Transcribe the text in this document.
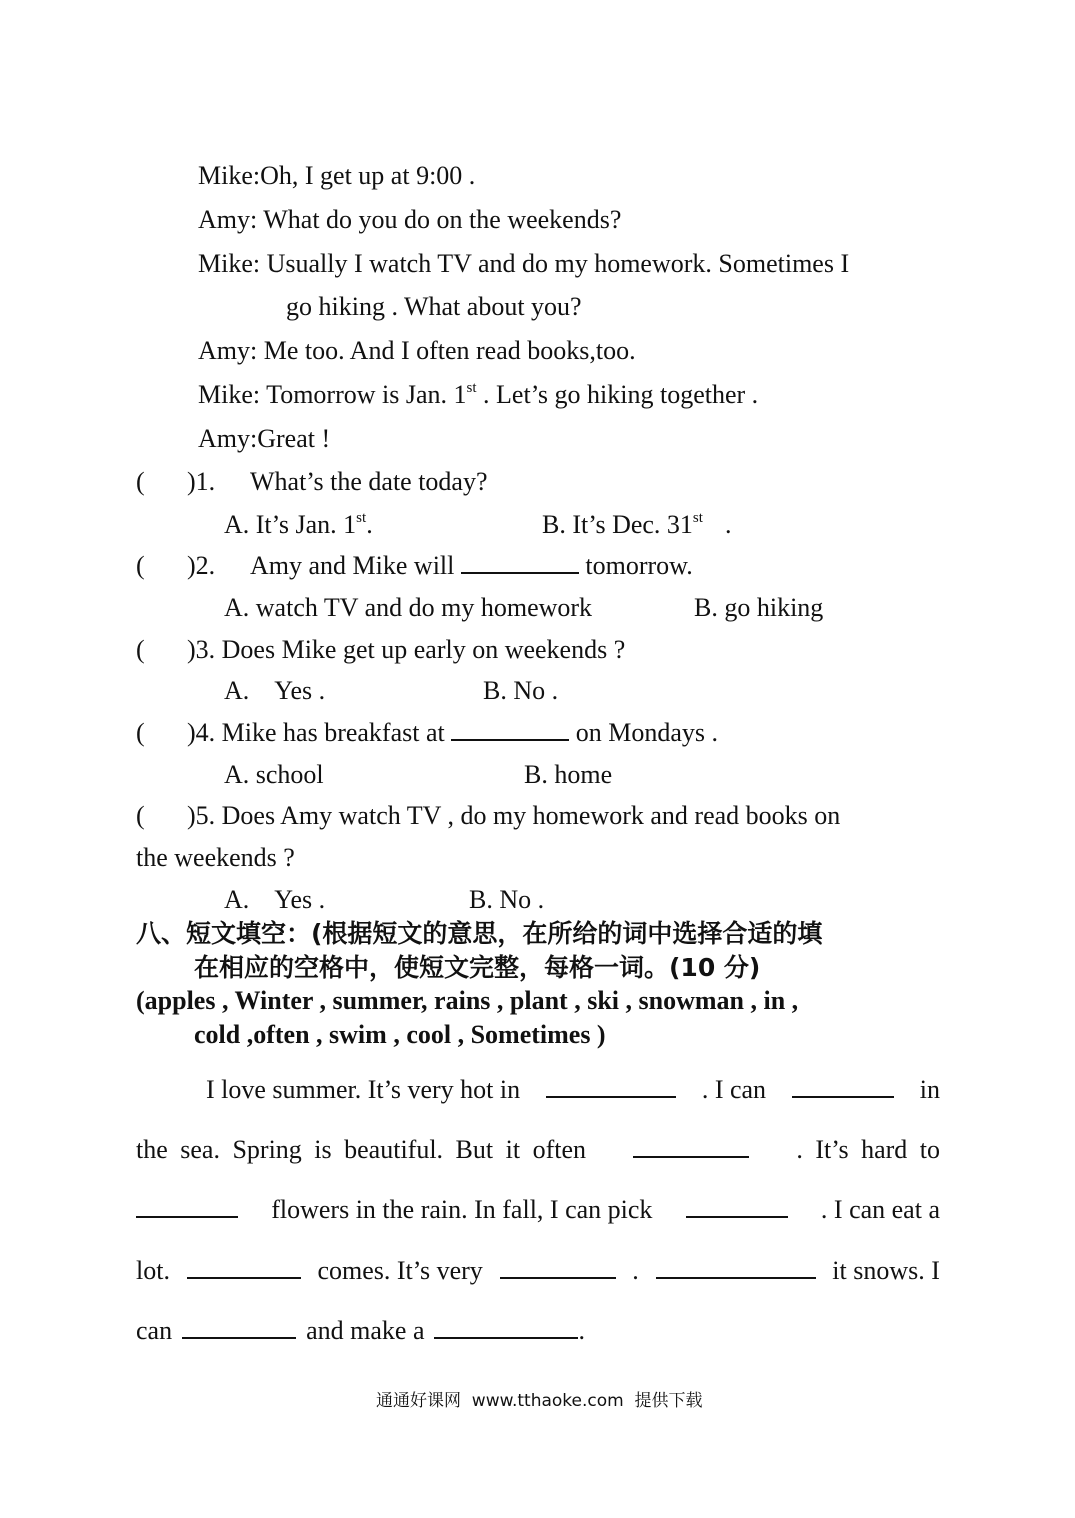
Mike:Oh, I get up at 9:00 .
Amy: What do you do on the weekends?
Mike: Usually I watch TV and do my homework. Sometimes I
go hiking . What about you?
Amy: Me too. And I often read books,too.
Mike: Tomorrow is Jan. 1st . Let’s go hiking together .
Amy:Great !
( )1. What’s the date today?
A. It’s Jan. 1st.	B. It’s Dec. 31st .
( )2. Amy and Mike will	tomorrow.
A. watch TV and do my homework	B. go hiking
( )3. Does Mike get up early on weekends ?
A.    Yes .	B. No .
( )4. Mike has breakfast at	on Mondays .
A. school	B. home
( )5. Does Amy watch TV , do my homework and read books on
the weekends ?
A.    Yes .	B. No .
八、短文填空：(根据短文的意思，在所给的词中选择合适的填
在相应的空格中，使短文完整，每格一词。(10 分)
(apples , Winter , summer, rains , plant , ski , snowman , in ,
cold ,often , swim , cool , Sometimes )
I love summer. It’s very hot in	. I can	in
the sea. Spring is beautiful. But it often	. It’s hard to
flowers in the rain. In fall, I can pick	. I can eat a
lot.	comes. It’s very	.	it snows. I
can	and make a	.
通通好课网  www.tthaoke.com  提供下载
